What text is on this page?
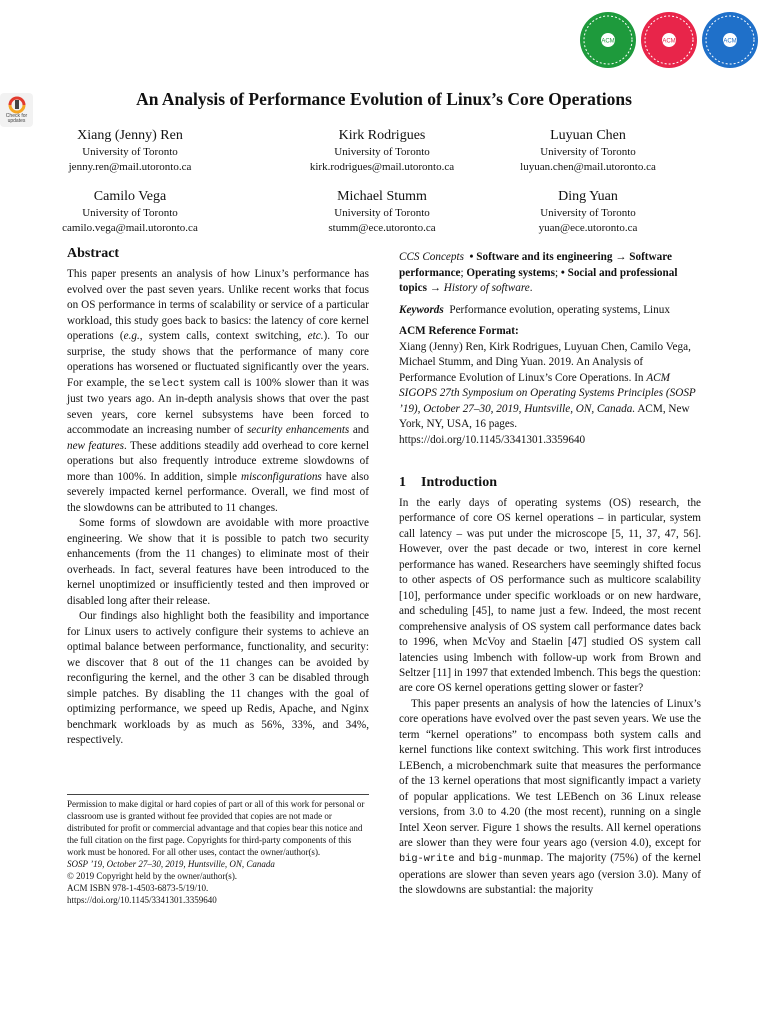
ACM	ACM	ACM
Check for updates
An Analysis of Performance Evolution of Linux’s Core Operations
Xiang (Jenny) Ren
University of Toronto
jenny.ren@mail.utoronto.ca
Kirk Rodrigues
University of Toronto
kirk.rodrigues@mail.utoronto.ca
Luyuan Chen
University of Toronto
luyuan.chen@mail.utoronto.ca
Camilo Vega
University of Toronto
camilo.vega@mail.utoronto.ca
Michael Stumm
University of Toronto
stumm@ece.utoronto.ca
Ding Yuan
University of Toronto
yuan@ece.utoronto.ca
Abstract

This paper presents an analysis of how Linux’s performance has evolved over the past seven years. Unlike recent works that focus on OS performance in terms of scalability or service of a particular workload, this study goes back to basics: the latency of core kernel operations (e.g., system calls, context switching, etc.). To our surprise, the study shows that the performance of many core operations has worsened or fluctuated significantly over the years. For example, the select system call is 100% slower than it was just two years ago. An in-depth analysis shows that over the past seven years, core kernel subsystems have been forced to accommodate an increasing number of security enhancements and new features. These additions steadily add overhead to core kernel operations but also frequently introduce extreme slowdowns of more than 100%. In addition, simple misconfigurations have also severely impacted kernel performance. Overall, we find most of the slowdowns can be attributed to 11 changes.

Some forms of slowdown are avoidable with more proactive engineering. We show that it is possible to patch two security enhancements (from the 11 changes) to eliminate most of their overheads. In fact, several features have been introduced to the kernel unoptimized or insufficiently tested and then improved or disabled long after their release.

Our findings also highlight both the feasibility and importance for Linux users to actively configure their systems to achieve an optimal balance between performance, functionality, and security: we discover that 8 out of the 11 changes can be avoided by reconfiguring the kernel, and the other 3 can be disabled through simple patches. By disabling the 11 changes with the goal of optimizing performance, we speed up Redis, Apache, and Nginx benchmark workloads by as much as 56%, 33%, and 34%, respectively.

Permission to make digital or hard copies of part or all of this work for personal or classroom use is granted without fee provided that copies are not made or distributed for profit or commercial advantage and that copies bear this notice and the full citation on the first page. Copyrights for third-party components of this work must be honored. For all other uses, contact the owner/author(s).
SOSP ’19, October 27–30, 2019, Huntsville, ON, Canada
© 2019 Copyright held by the owner/author(s).
ACM ISBN 978-1-4503-6873-5/19/10.
https://doi.org/10.1145/3341301.3359640
CCS Concepts • Software and its engineering → Software performance; Operating systems; • Social and professional topics → History of software.
Keywords Performance evolution, operating systems, Linux
ACM Reference Format:
Xiang (Jenny) Ren, Kirk Rodrigues, Luyuan Chen, Camilo Vega, Michael Stumm, and Ding Yuan. 2019. An Analysis of Performance Evolution of Linux’s Core Operations. In ACM SIGOPS 27th Symposium on Operating Systems Principles (SOSP ’19), October 27–30, 2019, Huntsville, ON, Canada. ACM, New York, NY, USA, 16 pages. https://doi.org/10.1145/3341301.3359640
1 Introduction

In the early days of operating systems (OS) research, the performance of core OS kernel operations – in particular, system call latency – was put under the microscope [5, 11, 37, 47, 56]. However, over the past decade or two, interest in core kernel performance has waned. Researchers have seemingly shifted focus to other aspects of OS performance such as multicore scalability [10], performance under specific workloads or on new hardware, and scheduling [45], to name just a few. Indeed, the most recent comprehensive analysis of OS system call performance dates back to 1996, when McVoy and Staelin [47] studied OS system call latencies using lmbench with follow-up work from Brown and Seltzer [11] in 1997 that extended lmbench. This begs the question: are core OS kernel operations getting slower or faster?

This paper presents an analysis of how the latencies of Linux’s core operations have evolved over the past seven years. We use the term “kernel operations” to encompass both system calls and kernel functions like context switching. This work first introduces LEBench, a microbenchmark suite that measures the performance of the 13 kernel operations that most significantly impact a variety of popular applications. We test LEBench on 36 Linux release versions, from 3.0 to 4.20 (the most recent), running on a single Intel Xeon server. Figure 1 shows the results. All kernel operations are slower than they were four years ago (version 4.0), except for big-write and big-munmap. The majority (75%) of the kernel operations are slower than seven years ago (version 3.0). Many of the slowdowns are substantial: the majority
